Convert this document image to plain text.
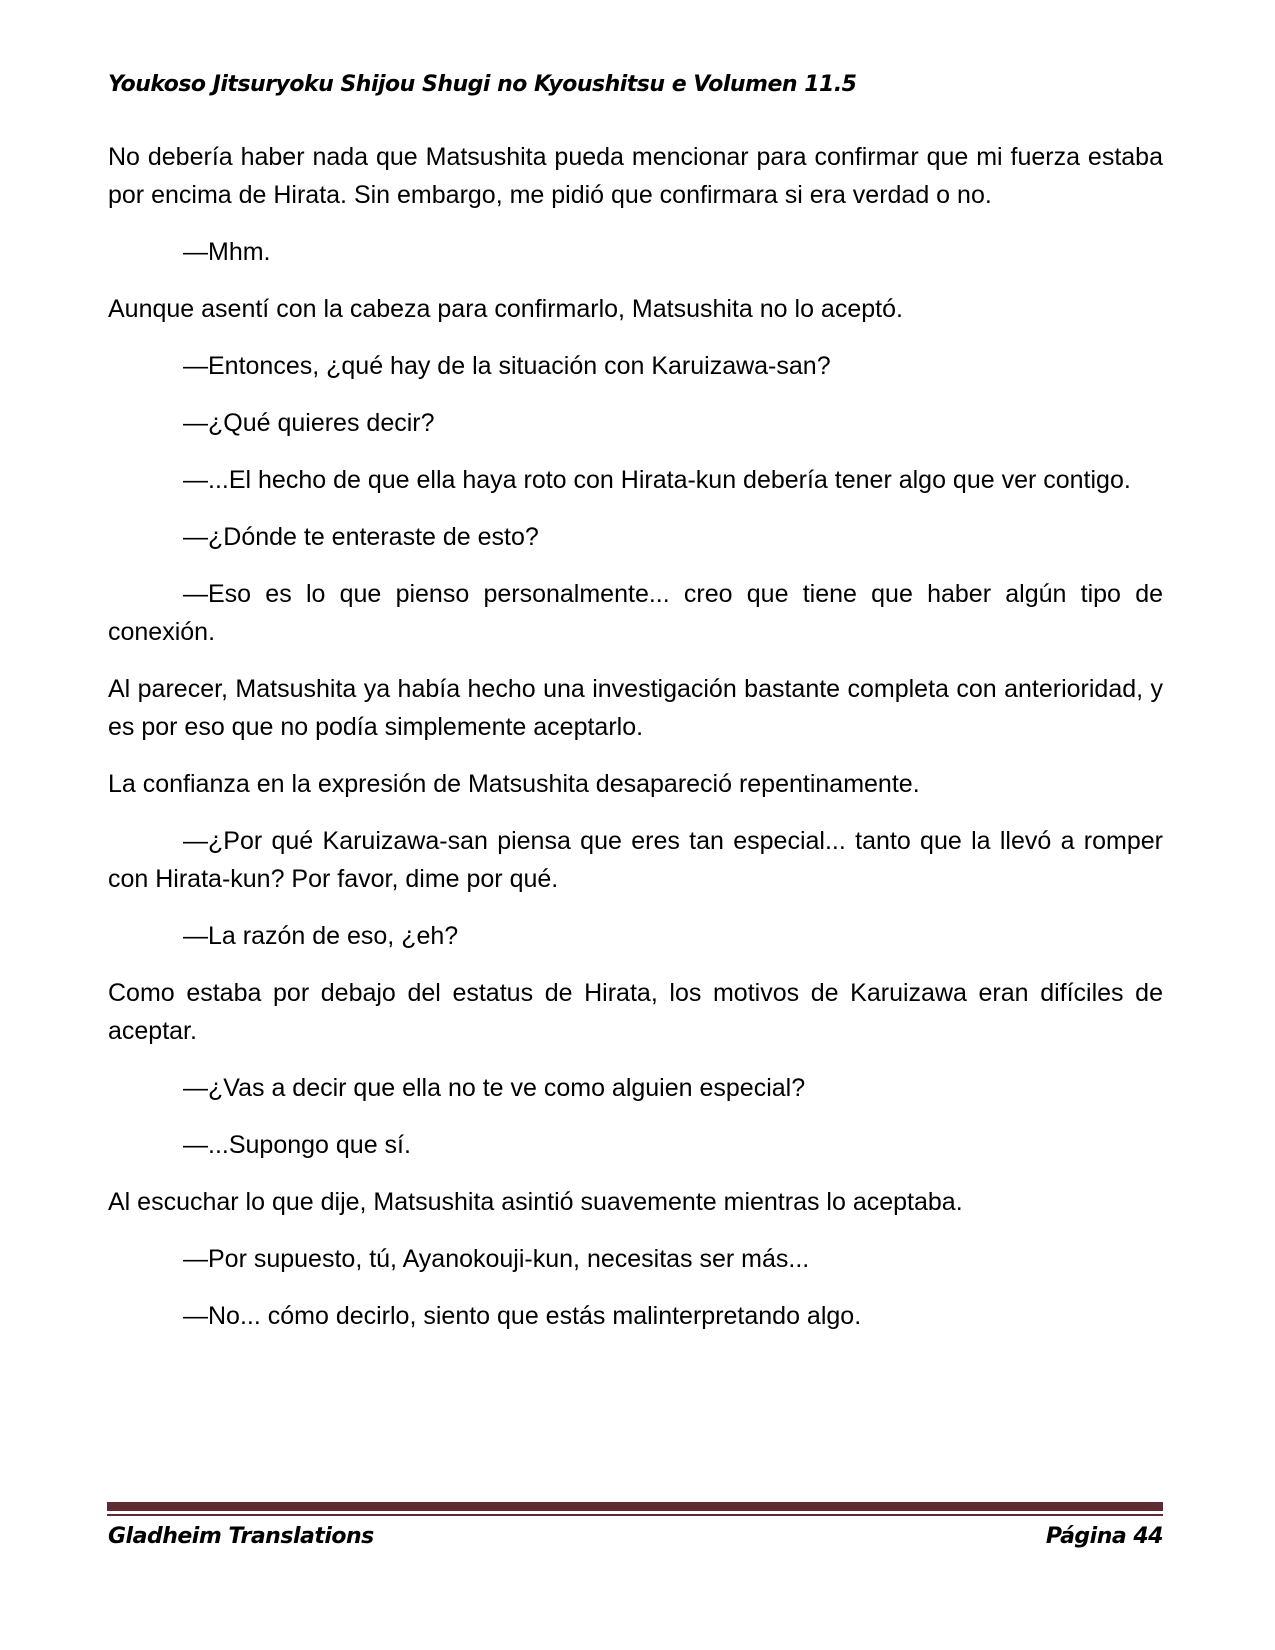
Youkoso Jitsuryoku Shijou Shugi no Kyoushitsu e Volumen 11.5

No debería haber nada que Matsushita pueda mencionar para confirmar que mi fuerza estaba por encima de Hirata. Sin embargo, me pidió que confirmara si era verdad o no.

—Mhm.

Aunque asentí con la cabeza para confirmarlo, Matsushita no lo aceptó.

—Entonces, ¿qué hay de la situación con Karuizawa-san?

—¿Qué quieres decir?

—...El hecho de que ella haya roto con Hirata-kun debería tener algo que ver contigo.

—¿Dónde te enteraste de esto?

—Eso es lo que pienso personalmente... creo que tiene que haber algún tipo de conexión.

Al parecer, Matsushita ya había hecho una investigación bastante completa con anterioridad, y es por eso que no podía simplemente aceptarlo.

La confianza en la expresión de Matsushita desapareció repentinamente.

—¿Por qué Karuizawa-san piensa que eres tan especial... tanto que la llevó a romper con Hirata-kun? Por favor, dime por qué.

—La razón de eso, ¿eh?

Como estaba por debajo del estatus de Hirata, los motivos de Karuizawa eran difíciles de aceptar.

—¿Vas a decir que ella no te ve como alguien especial?

—...Supongo que sí.

Al escuchar lo que dije, Matsushita asintió suavemente mientras lo aceptaba.

—Por supuesto, tú, Ayanokouji-kun, necesitas ser más...

—No... cómo decirlo, siento que estás malinterpretando algo.

Gladheim Translations	Página 44
